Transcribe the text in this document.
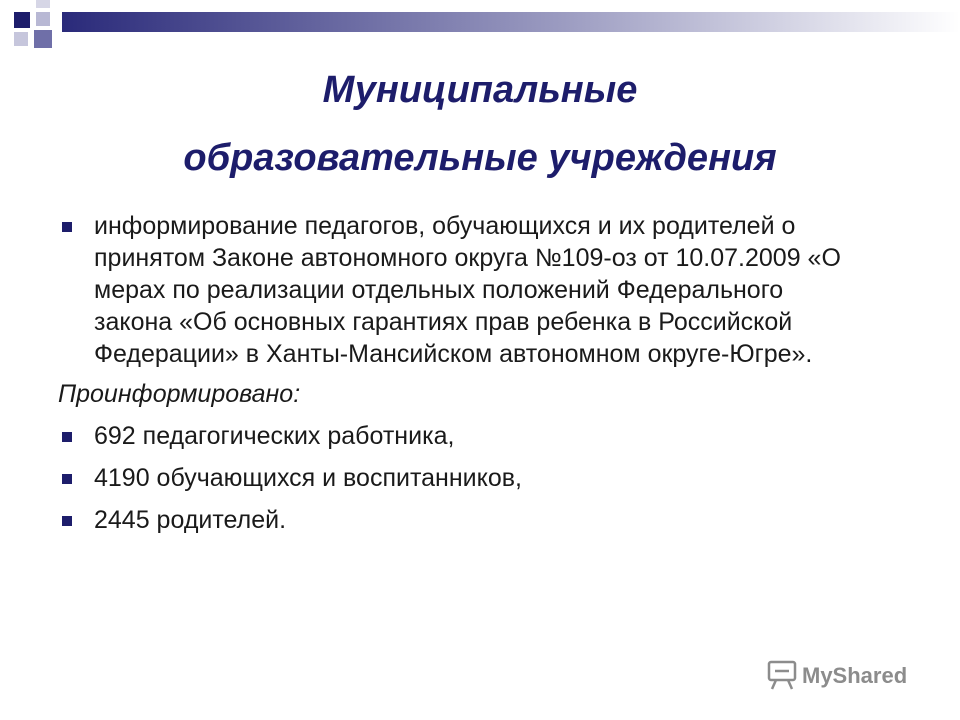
Муниципальные
образовательные учреждения
информирование педагогов, обучающихся и их родителей о принятом Законе автономного округа №109-оз от 10.07.2009 «О мерах по реализации отдельных положений Федерального закона «Об основных гарантиях прав ребенка в Российской Федерации» в Ханты-Мансийском автономном округе-Югре».
Проинформировано:
692 педагогических работника,
4190 обучающихся и воспитанников,
2445 родителей.
MyShared
